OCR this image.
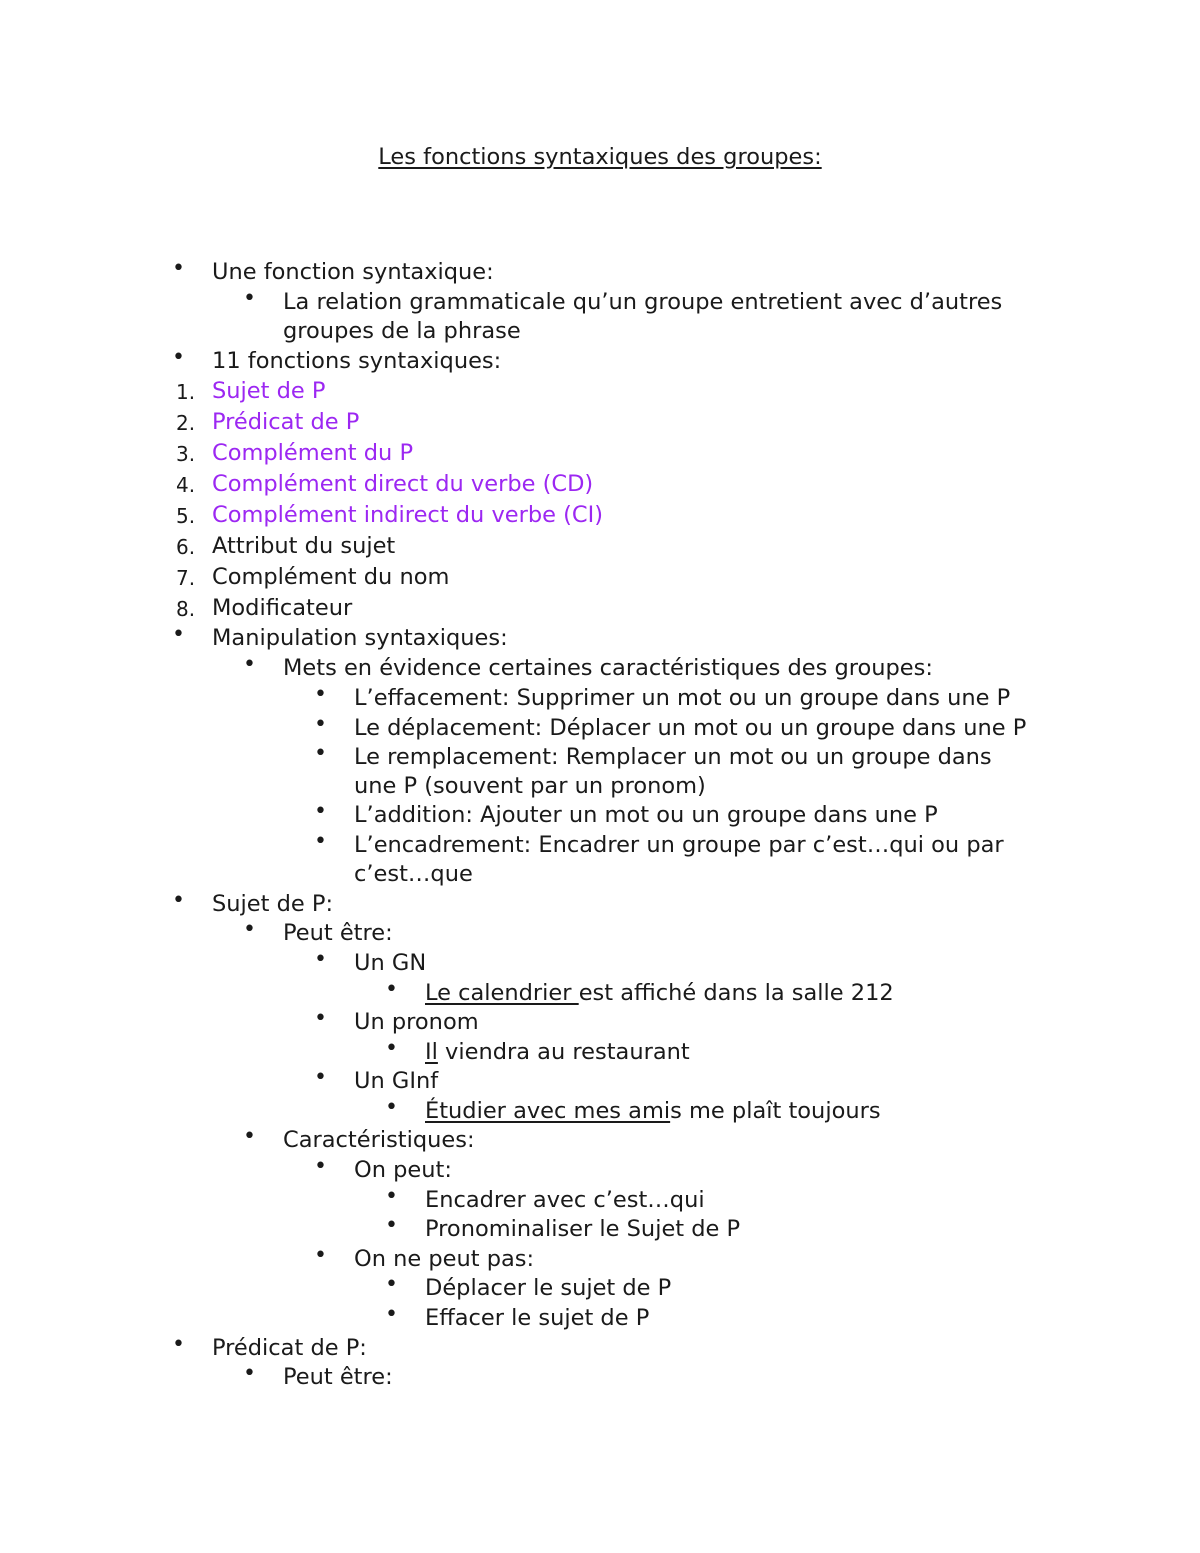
Les fonctions syntaxiques des groupes:
• Une fonction syntaxique:
• La relation grammaticale qu’un groupe entretient avec d’autres
groupes de la phrase
• 11 fonctions syntaxiques:
1. Sujet de P
2. Prédicat de P
3. Complément du P
4. Complément direct du verbe (CD)
5. Complément indirect du verbe (CI)
6. Attribut du sujet
7. Complément du nom
8. Modificateur
• Manipulation syntaxiques:
• Mets en évidence certaines caractéristiques des groupes:
• L’effacement: Supprimer un mot ou un groupe dans une P
• Le déplacement: Déplacer un mot ou un groupe dans une P
• Le remplacement: Remplacer un mot ou un groupe dans
une P (souvent par un pronom)
• L’addition: Ajouter un mot ou un groupe dans une P
• L’encadrement: Encadrer un groupe par c’est…qui ou par
c’est…que
• Sujet de P:
• Peut être:
• Un GN
• Le calendrier est affiché dans la salle 212
• Un pronom
• Il viendra au restaurant
• Un GInf
• Étudier avec mes amis me plaît toujours
• Caractéristiques:
• On peut:
• Encadrer avec c’est…qui
• Pronominaliser le Sujet de P
• On ne peut pas:
• Déplacer le sujet de P
• Effacer le sujet de P
• Prédicat de P:
• Peut être:
